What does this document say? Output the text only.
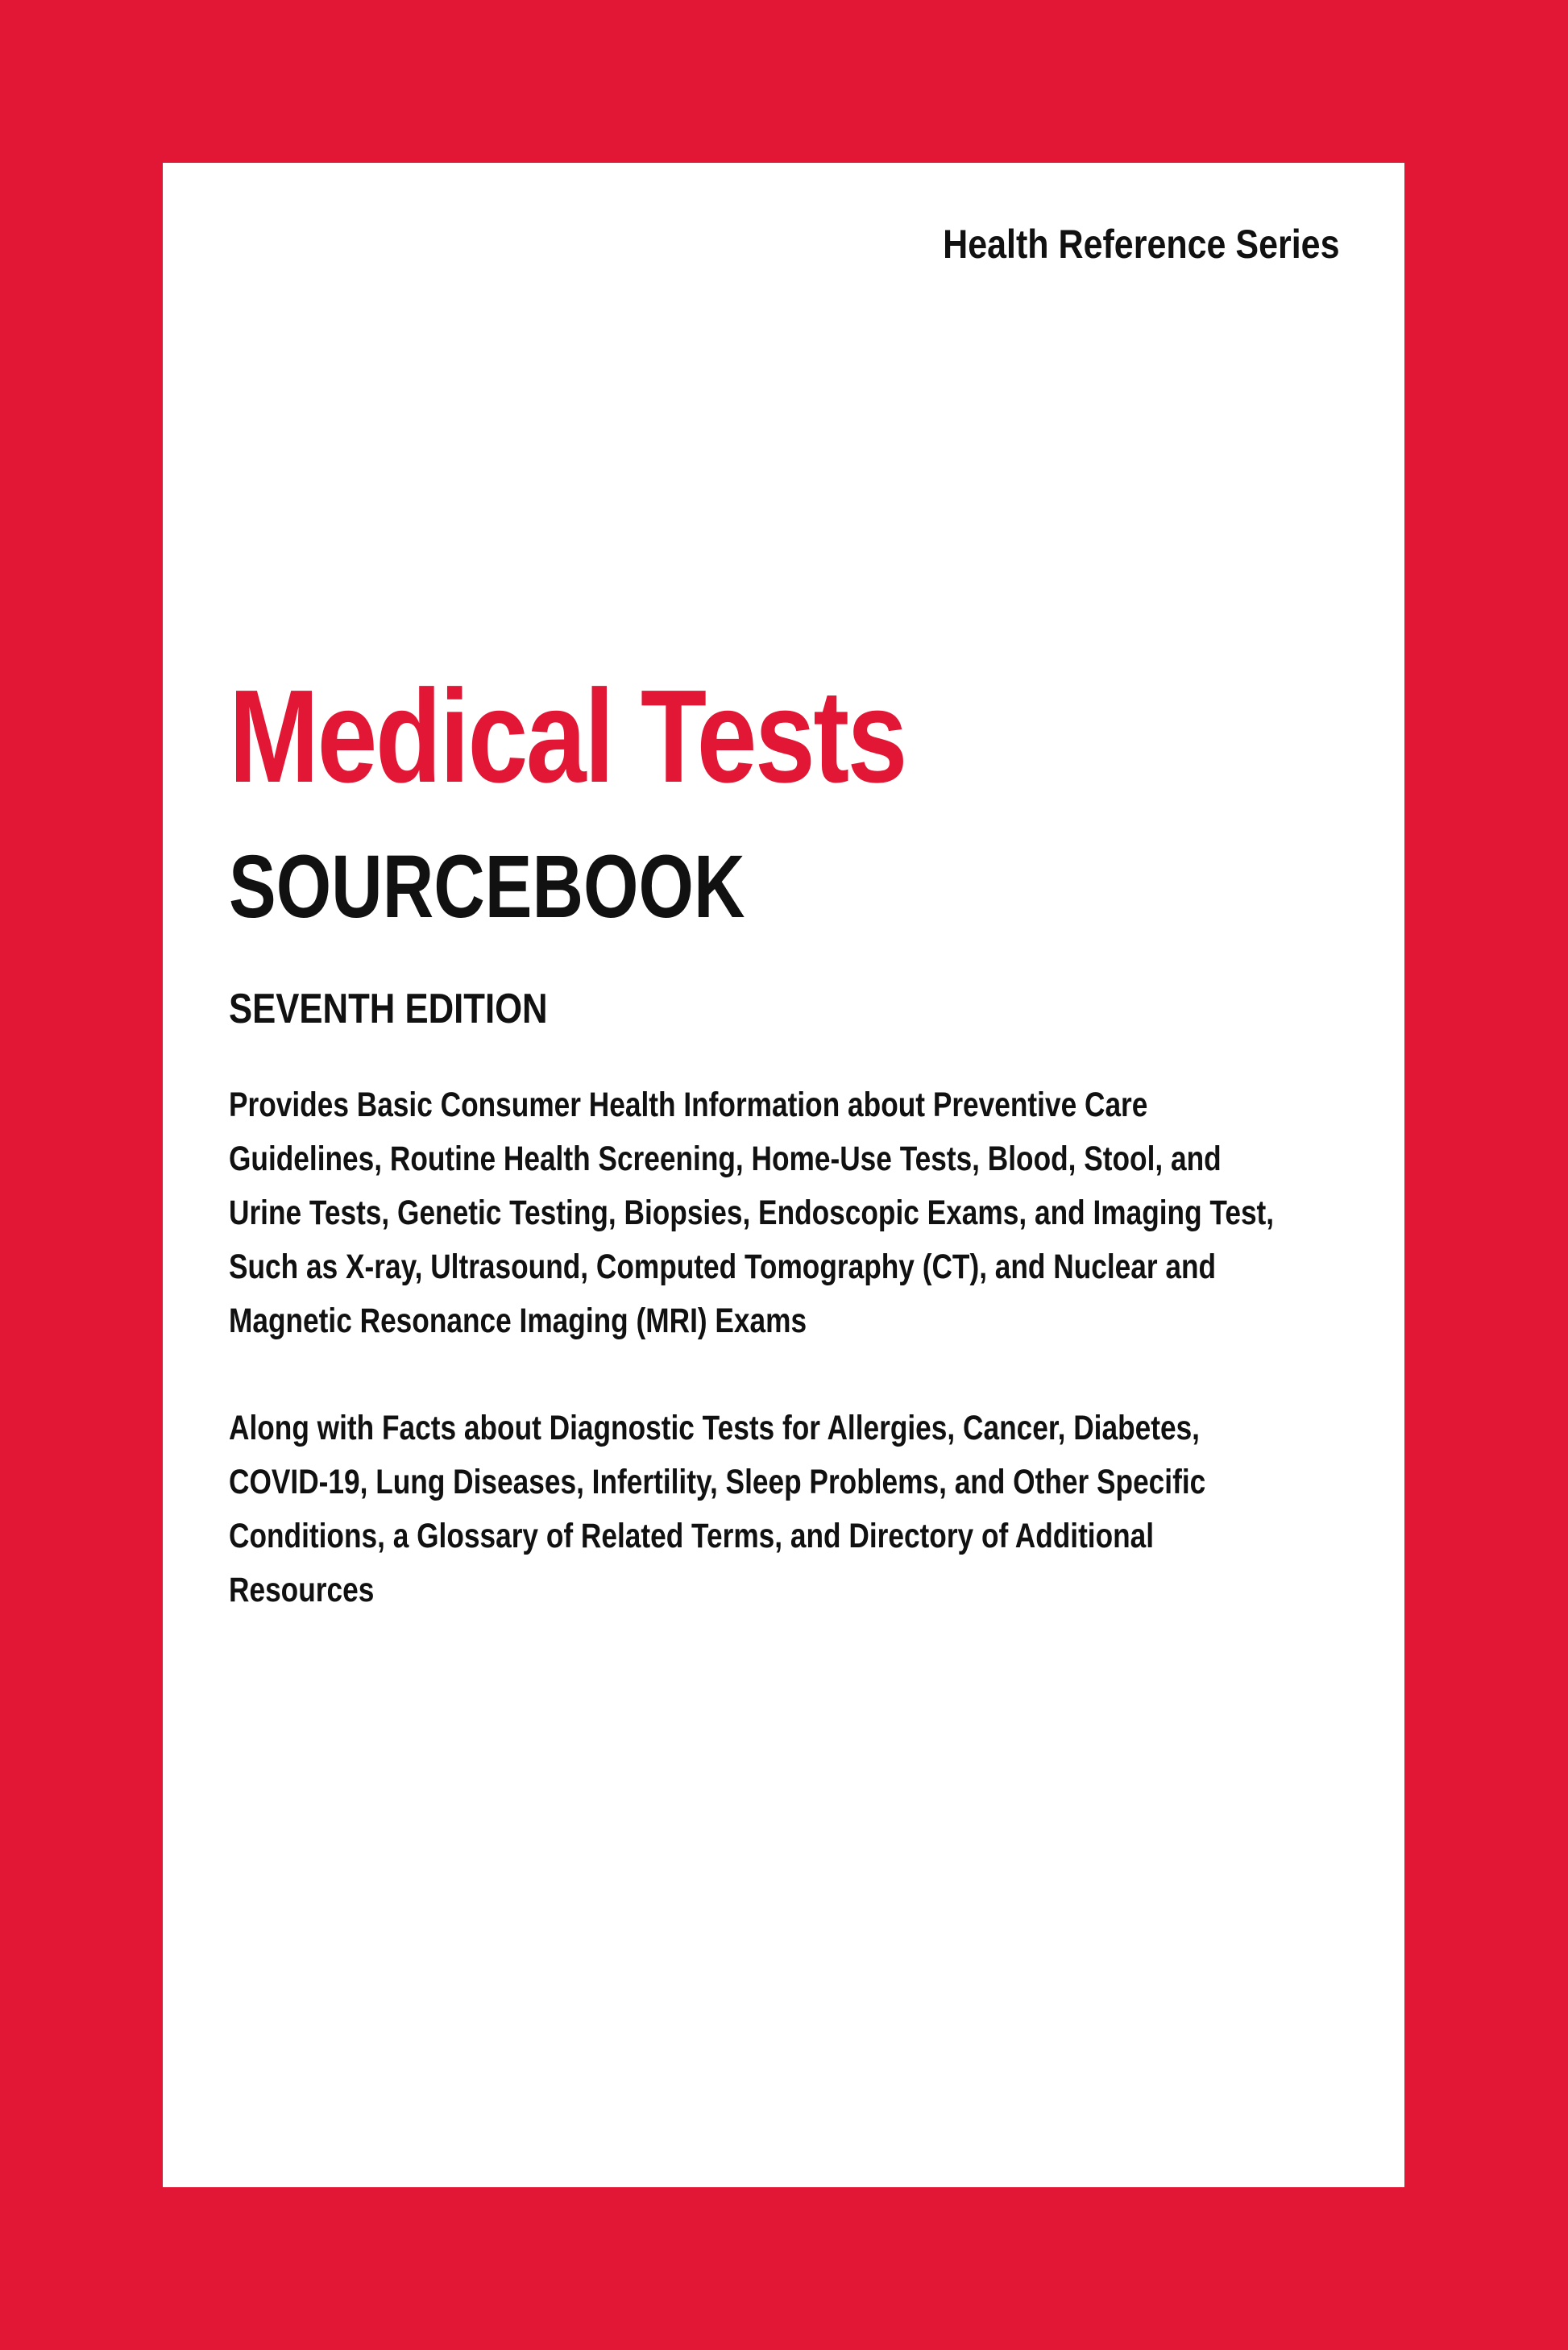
Health Reference Series
Medical Tests
SOURCEBOOK
SEVENTH EDITION

Provides Basic Consumer Health Information about Preventive Care Guidelines, Routine Health Screening, Home-Use Tests, Blood, Stool, and Urine Tests, Genetic Testing, Biopsies, Endoscopic Exams, and Imaging Test, Such as X-ray, Ultrasound, Computed Tomography (CT), and Nuclear and Magnetic Resonance Imaging (MRI) Exams

Along with Facts about Diagnostic Tests for Allergies, Cancer, Diabetes, COVID-19, Lung Diseases, Infertility, Sleep Problems, and Other Specific Conditions, a Glossary of Related Terms, and Directory of Additional Resources
